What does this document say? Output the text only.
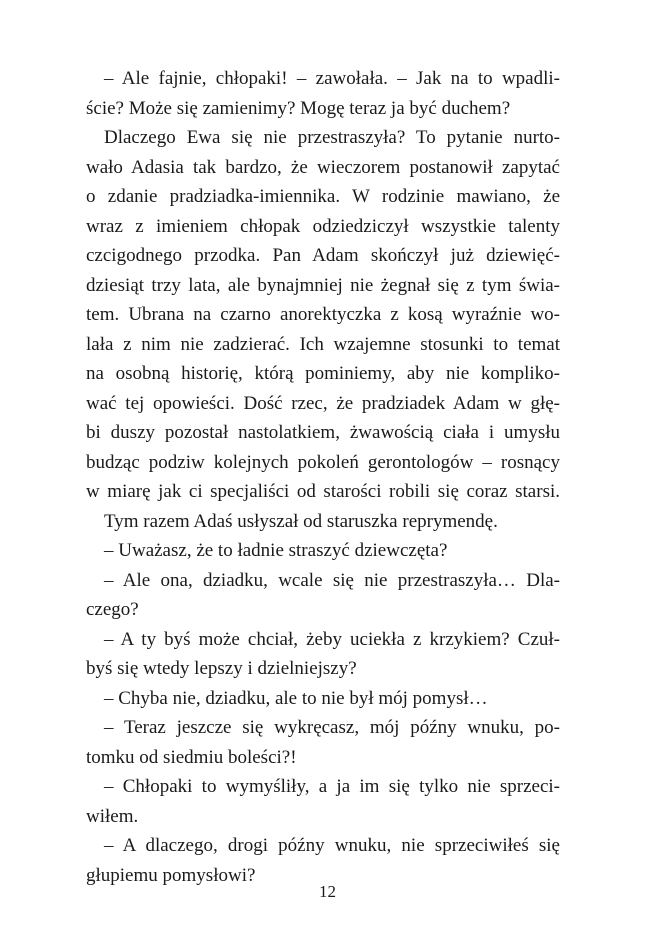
– Ale fajnie, chłopaki! – zawołała. – Jak na to wpadli-
ście? Może się zamienimy? Mogę teraz ja być duchem?
Dlaczego Ewa się nie przestraszyła? To pytanie nurto-
wało Adasia tak bardzo, że wieczorem postanowił zapytać
o zdanie pradziadka-imiennika. W rodzinie mawiano, że
wraz z imieniem chłopak odziedziczył wszystkie talenty
czcigodnego przodka. Pan Adam skończył już dziewięć-
dziesiąt trzy lata, ale bynajmniej nie żegnał się z tym świa-
tem. Ubrana na czarno anorektyczka z kosą wyraźnie wo-
lała z nim nie zadzierać. Ich wzajemne stosunki to temat
na osobną historię, którą pominiemy, aby nie kompliko-
wać tej opowieści. Dość rzec, że pradziadek Adam w głę-
bi duszy pozostał nastolatkiem, żwawością ciała i umysłu
budząc podziw kolejnych pokoleń gerontologów – rosnący
w miarę jak ci specjaliści od starości robili się coraz starsi.
Tym razem Adaś usłyszał od staruszka reprymendę.
– Uważasz, że to ładnie straszyć dziewczęta?
– Ale ona, dziadku, wcale się nie przestraszyła… Dla-
czego?
– A ty byś może chciał, żeby uciekła z krzykiem? Czuł-
byś się wtedy lepszy i dzielniejszy?
– Chyba nie, dziadku, ale to nie był mój pomysł…
– Teraz jeszcze się wykręcasz, mój późny wnuku, po-
tomku od siedmiu boleści?!
– Chłopaki to wymyśliły, a ja im się tylko nie sprzeci-
wiłem.
– A dlaczego, drogi późny wnuku, nie sprzeciwiłeś się
głupiemu pomysłowi?
12
